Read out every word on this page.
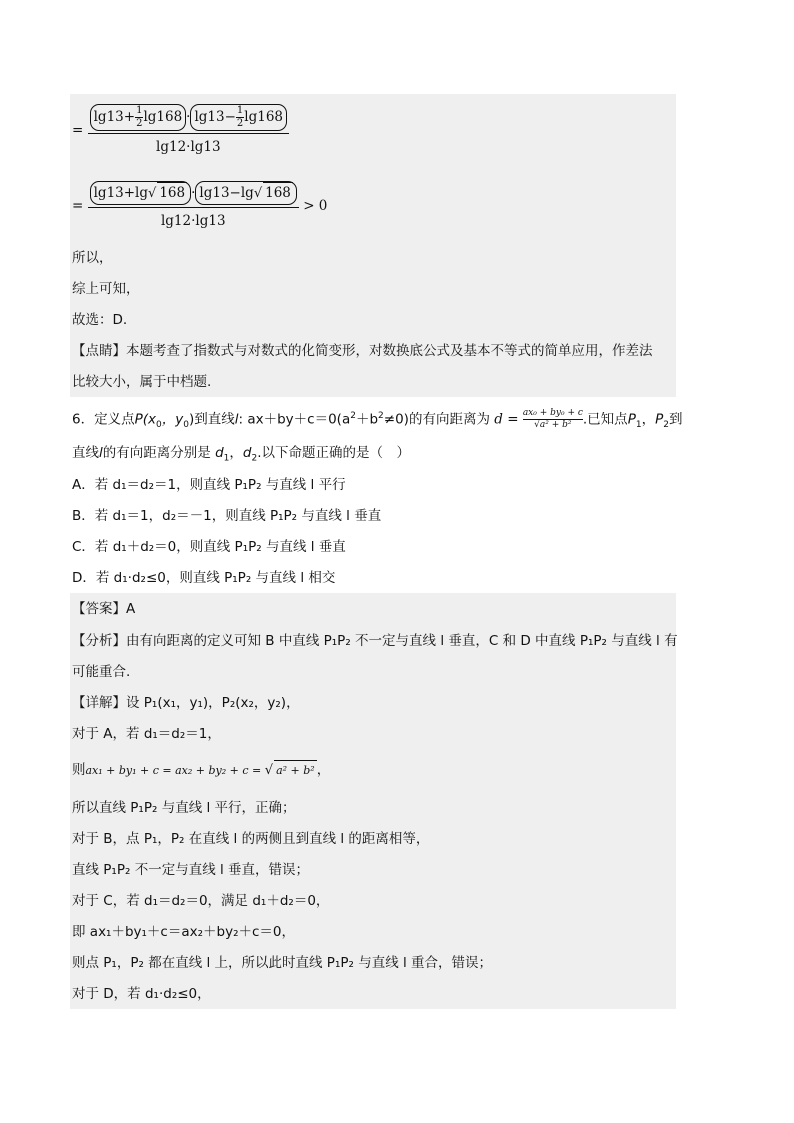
= $\frac{\lg 13+ \frac{1}{2} \lg 168 \cdot \lg 13- \frac{1}{2} \lg 168}{\lg 12\cdot\lg 13}$
= $\frac{\lg 13+\lg√ 168 \cdot \lg 13-\lg√ 168}{\lg 12\cdot\lg 13} > 0$
所以，
综上可知，
故选：D.
【点睛】本题考查了指数式与对数式的化简变形，对数换底公式及基本不等式的简单应用，作差法
比较大小，属于中档题.
6．定义点$P(x_0$，$y_0$)到直线l: $ax+by+c=0(a^2+b^2\ne 0)$的有向距离为 $d = \frac{\text{ax₀ + by₀ + c}}{\text{√a² + b²}}$.已知点$P_1$，$P_2$到
直线l的有向距离分别是 $d_1$，$d_2$.以下命题正确的是（　）
A．若 d₁＝d₂＝1，则直线 P₁P₂ 与直线 l 平行
B．若 d₁＝1，d₂＝－1，则直线 P₁P₂ 与直线 l 垂直
C．若 d₁＋d₂＝0，则直线 P₁P₂ 与直线 l 垂直
D．若 d₁·d₂≤0，则直线 P₁P₂ 与直线 l 相交
【答案】A
【分析】由有向距离的定义可知 B 中直线 P₁P₂ 不一定与直线 l 垂直，C 和 D 中直线 P₁P₂ 与直线 l 有
可能重合.
【详解】设 P₁(x₁，y₁)，P₂(x₂，y₂)，
对于 A，若 d₁＝d₂＝1，
则ax₁ + by₁ + c = ax₂ + by₂ + c = √ a² + b² ，
所以直线 P₁P₂ 与直线 l 平行，正确；
对于 B，点 P₁，P₂ 在直线 l 的两侧且到直线 l 的距离相等，
直线 P₁P₂ 不一定与直线 l 垂直，错误；
对于 C，若 d₁＝d₂＝0，满足 d₁＋d₂＝0，
即 ax₁＋by₁＋c＝ax₂＋by₂＋c＝0，
则点 P₁，P₂ 都在直线 l 上，所以此时直线 P₁P₂ 与直线 l 重合，错误；
对于 D，若 d₁·d₂≤0，
